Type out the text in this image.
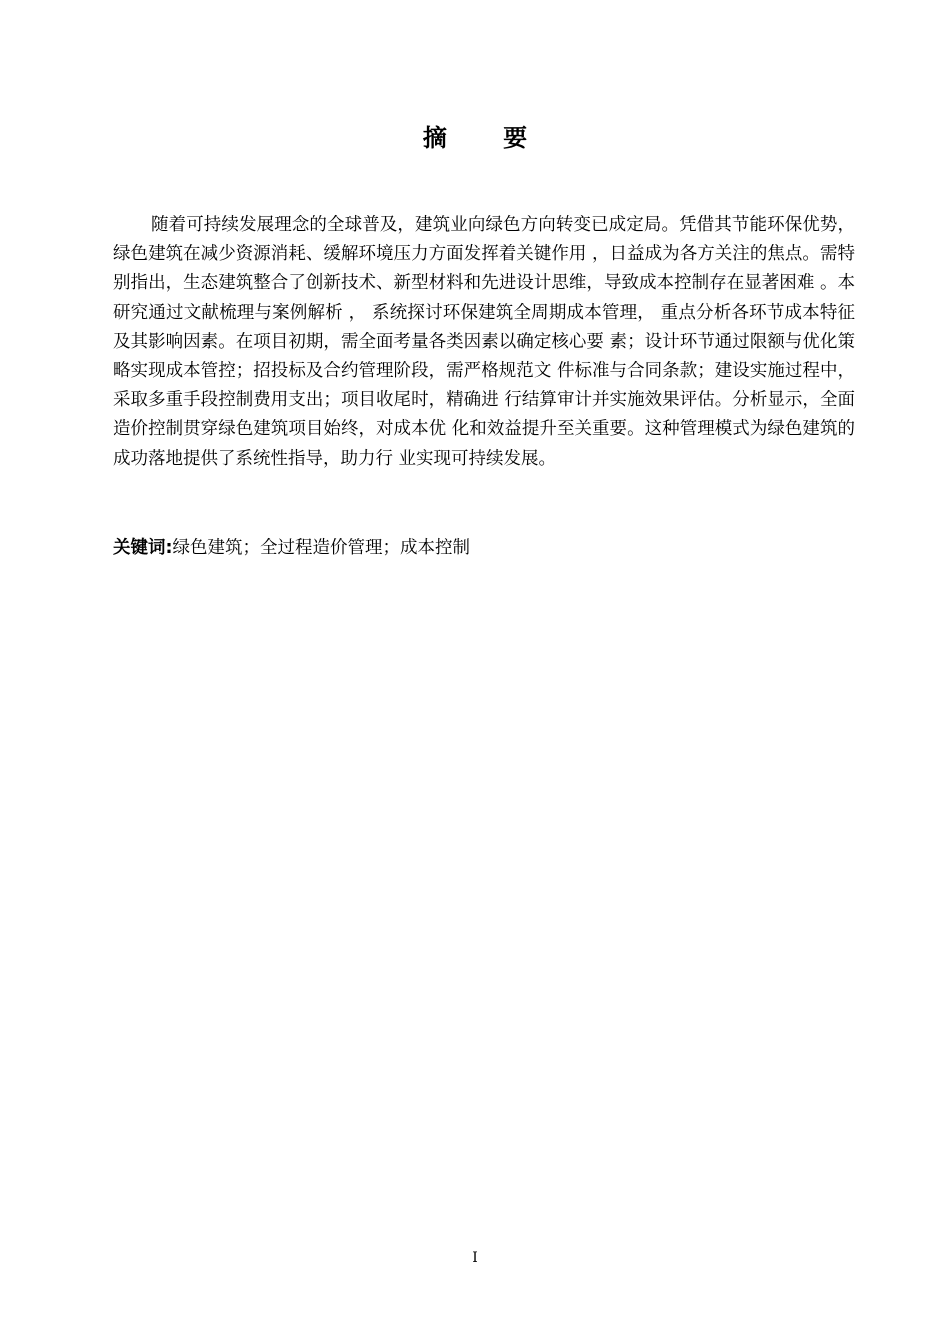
摘 要

随着可持续发展理念的全球普及，建筑业向绿色方向转变已成定局。凭借其节能环保优势，绿色建筑在减少资源消耗、缓解环境压力方面发挥着关键作用 ，日益成为各方关注的焦点。需特别指出，生态建筑整合了创新技术、新型材料和先进设计思维，导致成本控制存在显著困难 。本研究通过文献梳理与案例解析 ， 系统探讨环保建筑全周期成本管理， 重点分析各环节成本特征及其影响因素。在项目初期，需全面考量各类因素以确定核心要 素；设计环节通过限额与优化策略实现成本管控；招投标及合约管理阶段，需严格规范文 件标准与合同条款；建设实施过程中，采取多重手段控制费用支出；项目收尾时，精确进 行结算审计并实施效果评估。分析显示，全面造价控制贯穿绿色建筑项目始终，对成本优 化和效益提升至关重要。这种管理模式为绿色建筑的成功落地提供了系统性指导，助力行 业实现可持续发展。

关键词:绿色建筑；全过程造价管理；成本控制
I
